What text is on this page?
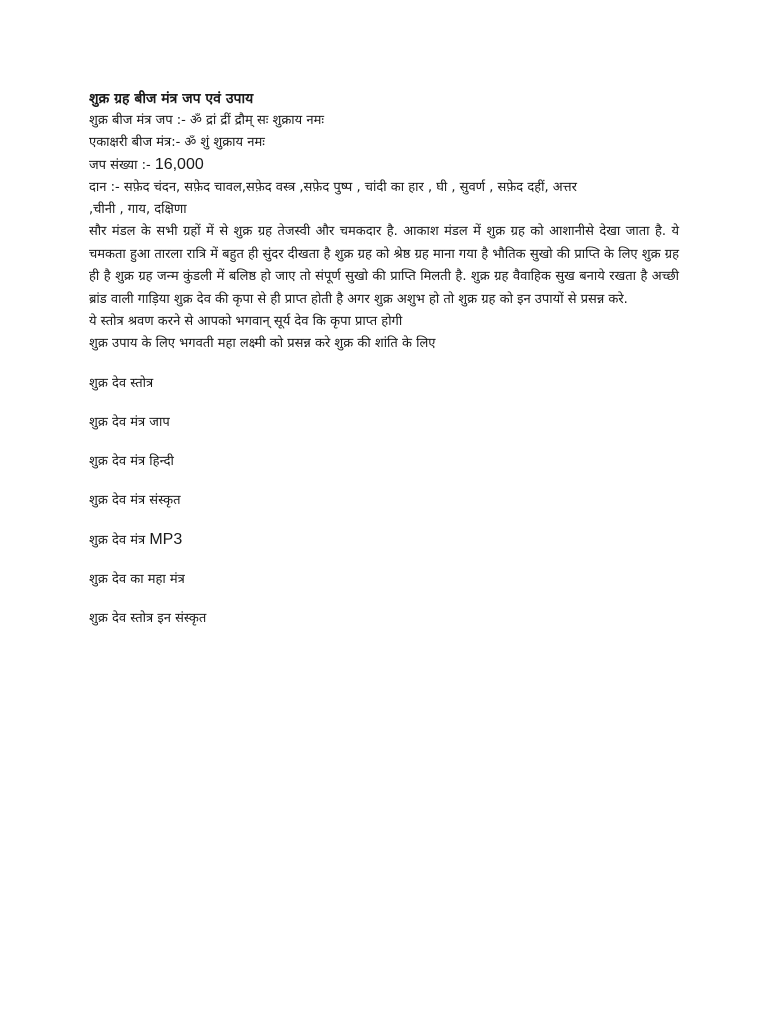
शुक्र ग्रह बीज मंत्र जप एवं उपाय

शुक्र बीज मंत्र जप :- ॐ द्रां द्रीं द्रौम् सः शुक्राय नमः

एकाक्षरी बीज मंत्र:- ॐ शुं शुक्राय नमः

जप संख्या :- 16,000

दान :- सफ़ेद चंदन, सफ़ेद चावल,सफ़ेद वस्त्र ,सफ़ेद पुष्प , चांदी का हार , घी , सुवर्ण , सफ़ेद दहीं, अत्तर

,चीनी , गाय, दक्षिणा

सौर मंडल के सभी ग्रहों में से शुक्र ग्रह तेजस्वी और चमकदार है. आकाश मंडल में शुक्र ग्रह को आशानीसे देखा जाता है. ये चमकता हुआ तारला रात्रि में बहुत ही सुंदर दीखता है शुक्र ग्रह को श्रेष्ठ ग्रह माना गया है भौतिक सुखो की प्राप्ति के लिए शुक्र ग्रह ही है शुक्र ग्रह जन्म कुंडली में बलिष्ठ हो जाए तो संपूर्ण सुखो की प्राप्ति मिलती है. शुक्र ग्रह वैवाहिक सुख बनाये रखता है अच्छी ब्रांड वाली गाड़िया शुक्र देव की कृपा से ही प्राप्त होती है अगर शुक्र अशुभ हो तो शुक्र ग्रह को इन उपायों से प्रसन्न करे.

ये स्तोत्र श्रवण करने से आपको भगवान् सूर्य देव कि कृपा प्राप्त होगी

शुक्र उपाय के लिए भगवती महा लक्ष्मी को प्रसन्न करे शुक्र की शांति के लिए

शुक्र देव स्तोत्र

शुक्र देव मंत्र जाप

शुक्र देव मंत्र हिन्दी

शुक्र देव मंत्र संस्कृत

शुक्र देव मंत्र MP3

शुक्र देव का महा मंत्र

शुक्र देव स्तोत्र इन संस्कृत
